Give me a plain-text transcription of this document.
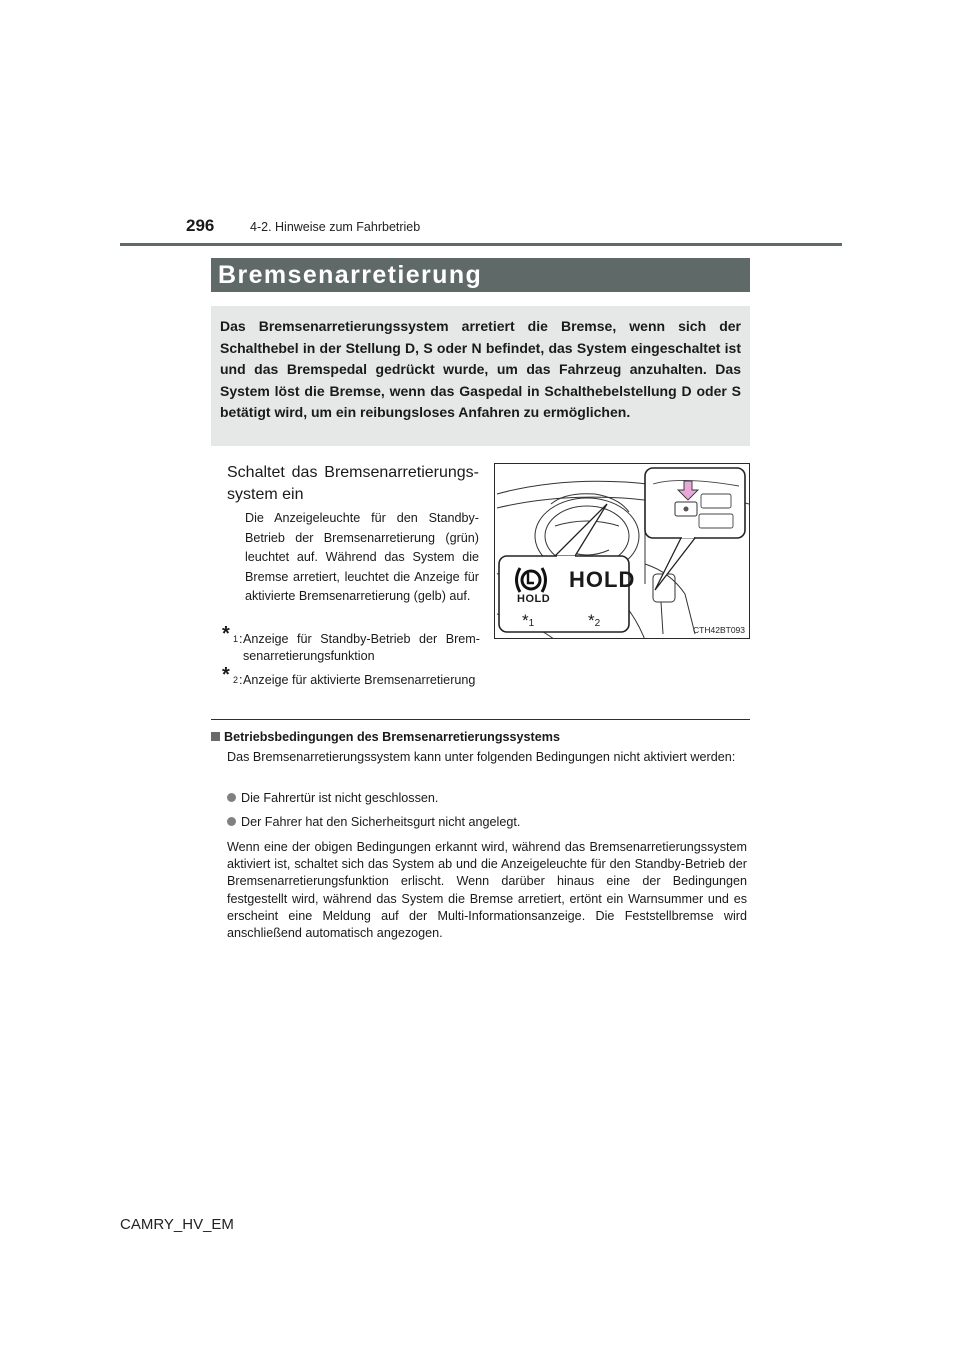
296	4-2. Hinweise zum Fahrbetrieb
Bremsenarretierung
Das Bremsenarretierungssystem arretiert die Bremse, wenn sich der Schalthebel in der Stellung D, S oder N befindet, das System eingeschaltet ist und das Bremspedal gedrückt wurde, um das Fahrzeug anzuhalten. Das System löst die Bremse, wenn das Gaspedal in Schalthebelstellung D oder S betätigt wird, um ein reibungsloses Anfahren zu ermöglichen.
Schaltet das Bremsenarretierungs-
system ein
Die Anzeigeleuchte für den Standby-Betrieb der Bremsenarretierung (grün) leuchtet auf. Während das System die Bremse arretiert, leuchtet die Anzeige für aktivierte Bremsenarretierung (gelb) auf.
* 1 : Anzeige für Standby-Betrieb der Bremsenarretierungsfunktion
* 2 : Anzeige für aktivierte Bremsenarretierung
HOLD
HOLD
*1	*2
CTH42BT093
Betriebsbedingungen des Bremsenarretierungssystems
Das Bremsenarretierungssystem kann unter folgenden Bedingungen nicht aktiviert werden:
Die Fahrertür ist nicht geschlossen.
Der Fahrer hat den Sicherheitsgurt nicht angelegt.
Wenn eine der obigen Bedingungen erkannt wird, während das Bremsenarretierungssystem aktiviert ist, schaltet sich das System ab und die Anzeigeleuchte für den Standby-Betrieb der Bremsenarretierungsfunktion erlischt. Wenn darüber hinaus eine der Bedingungen festgestellt wird, während das System die Bremse arretiert, ertönt ein Warnsummer und es erscheint eine Meldung auf der Multi-Informationsanzeige. Die Feststellbremse wird anschließend automatisch angezogen.
CAMRY_HV_EM
